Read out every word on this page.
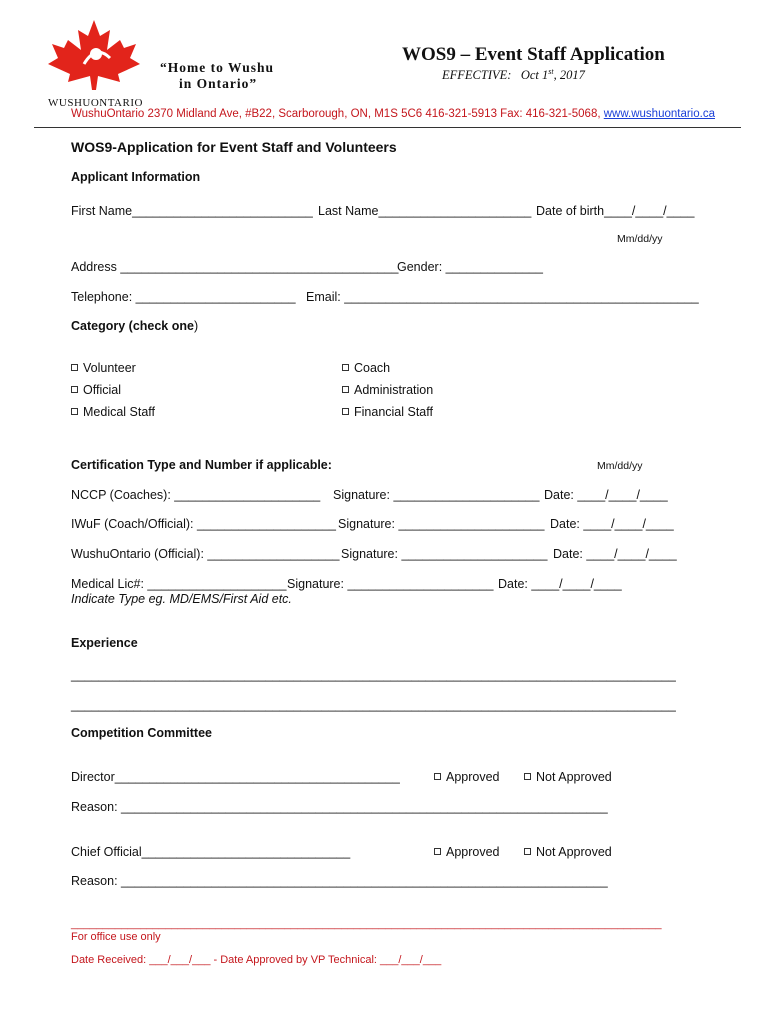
WUSHUONTARIO
“Home to Wushu
in Ontario”
WOS9 – Event Staff Application
EFFECTIVE: Oct 1st, 2017
WushuOntario 2370 Midland Ave, #B22, Scarborough, ON, M1S 5C6 416-321-5913 Fax: 416-321-5068, www.wushuontario.ca
WOS9-Application for Event Staff and Volunteers
Applicant Information
First Name__________________________ Last Name______________________ Date of birth____/____/____
Mm/dd/yy
Address ________________________________________
Gender: ______________
Telephone: _______________________ Email: ___________________________________________________
Category (check one)
Volunteer	Coach
Official	Administration
Medical Staff	Financial Staff
Certification Type and Number if applicable:	Mm/dd/yy
NCCP (Coaches): _____________________ Signature: _____________________ Date: ____/____/____
IWuF (Coach/Official): ____________________ Signature: _____________________ Date: ____/____/____
WushuOntario (Official): ___________________ Signature: _____________________ Date: ____/____/____
Medical Lic#: ____________________ Signature: _____________________ Date: ____/____/____
Indicate Type eg. MD/EMS/First Aid etc.
Experience
_______________________________________________________________________________________
_______________________________________________________________________________________
Competition Committee
Director_________________________________________	Approved	Not Approved
Reason: ______________________________________________________________________
Chief Official______________________________	Approved	Not Approved
Reason: ______________________________________________________________________
______________________________________________________________________________________________
For office use only
Date Received: ___/___/___ - Date Approved by VP Technical: ___/___/___
